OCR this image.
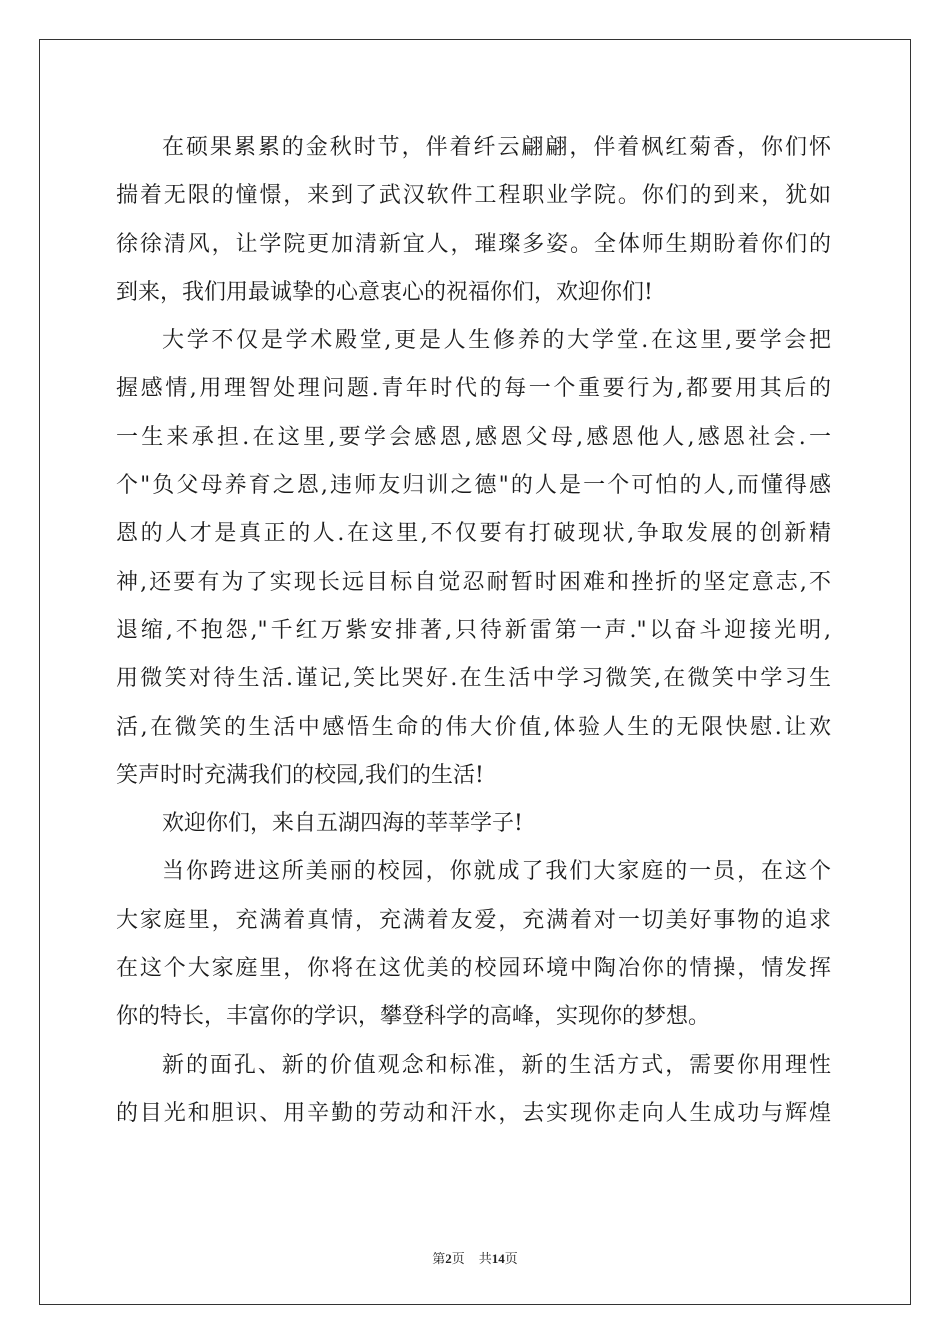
在硕果累累的金秋时节，伴着纤云翩翩，伴着枫红菊香，你们怀
揣着无限的憧憬，来到了武汉软件工程职业学院。你们的到来，犹如
徐徐清风，让学院更加清新宜人，璀璨多姿。全体师生期盼着你们的
到来，我们用最诚挚的心意衷心的祝福你们，欢迎你们!

大学不仅是学术殿堂,更是人生修养的大学堂.在这里,要学会把
握感情,用理智处理问题.青年时代的每一个重要行为,都要用其后的
一生来承担.在这里,要学会感恩,感恩父母,感恩他人,感恩社会.一
个"负父母养育之恩,违师友归训之德"的人是一个可怕的人,而懂得感
恩的人才是真正的人.在这里,不仅要有打破现状,争取发展的创新精
神,还要有为了实现长远目标自觉忍耐暂时困难和挫折的坚定意志,不
退缩,不抱怨,"千红万紫安排著,只待新雷第一声."以奋斗迎接光明,
用微笑对待生活.谨记,笑比哭好.在生活中学习微笑,在微笑中学习生
活,在微笑的生活中感悟生命的伟大价值,体验人生的无限快慰.让欢
笑声时时充满我们的校园,我们的生活!

欢迎你们，来自五湖四海的莘莘学子!

当你跨进这所美丽的校园，你就成了我们大家庭的一员，在这个
大家庭里，充满着真情，充满着友爱，充满着对一切美好事物的追求
在这个大家庭里，你将在这优美的校园环境中陶冶你的情操，情发挥
你的特长，丰富你的学识，攀登科学的高峰，实现你的梦想。

新的面孔、新的价值观念和标准，新的生活方式，需要你用理性
的目光和胆识、用辛勤的劳动和汗水，去实现你走向人生成功与辉煌

第2页 共14页
